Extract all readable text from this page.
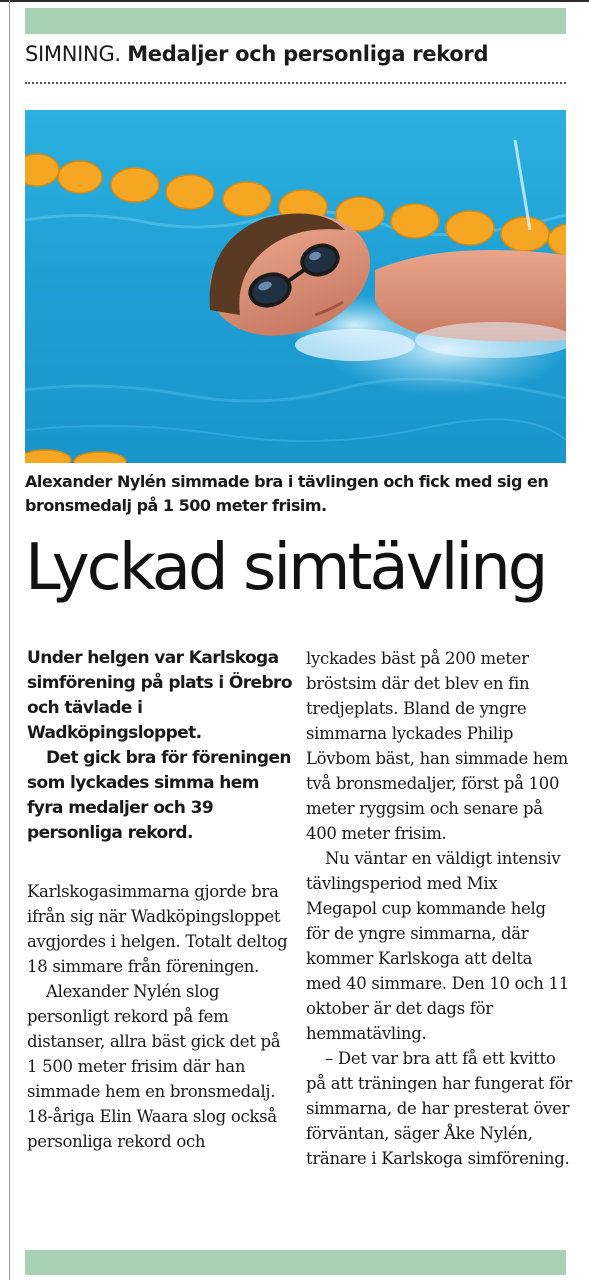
SIMNING. Medaljer och personliga rekord
Alexander Nylén simmade bra i tävlingen och fick med sig en bronsmedalj på 1 500 meter frisim.
Lyckad simtävling

Under helgen var Karlskoga simförening på plats i Örebro och tävlade i Wadköpingsloppet.

Det gick bra för föreningen som lyckades simma hem fyra medaljer och 39 personliga rekord.

Karlskogasimmarna gjorde bra ifrån sig när Wadköpingsloppet avgjordes i helgen. Totalt deltog 18 simmare från föreningen.

Alexander Nylén slog personligt rekord på fem distanser, allra bäst gick det på 1 500 meter frisim där han simmade hem en bronsmedalj. 18-åriga Elin Waara slog också personliga rekord och

lyckades bäst på 200 meter bröstsim där det blev en fin tredjeplats. Bland de yngre simmarna lyckades Philip Lövbom bäst, han simmade hem två bronsmedaljer, först på 100 meter ryggsim och senare på 400 meter frisim.

Nu väntar en väldigt intensiv tävlingsperiod med Mix Megapol cup kommande helg för de yngre simmarna, där kommer Karlskoga att delta med 40 simmare. Den 10 och 11 oktober är det dags för hemmatävling.

– Det var bra att få ett kvitto på att träningen har fungerat för simmarna, de har presterat över förväntan, säger Åke Nylén, tränare i Karlskoga simförening.
